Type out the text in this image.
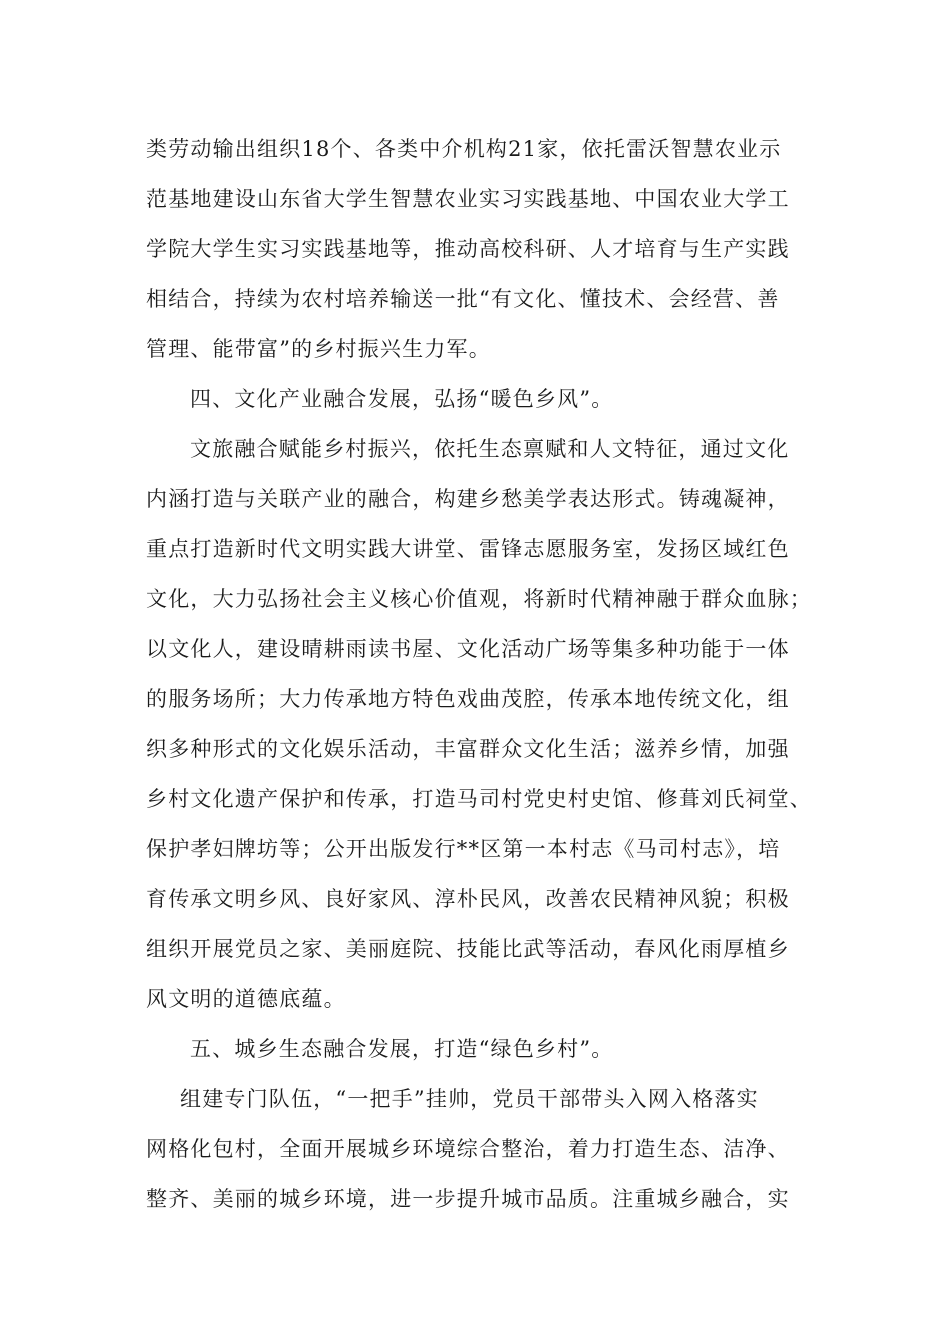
类劳动输出组织18个、各类中介机构21家，依托雷沃智慧农业示
范基地建设山东省大学生智慧农业实习实践基地、中国农业大学工
学院大学生实习实践基地等，推动高校科研、人才培育与生产实践
相结合，持续为农村培养输送一批“有文化、懂技术、会经营、善
管理、能带富”的乡村振兴生力军。
四、文化产业融合发展，弘扬“暖色乡风”。
文旅融合赋能乡村振兴，依托生态禀赋和人文特征，通过文化
内涵打造与关联产业的融合，构建乡愁美学表达形式。铸魂凝神，
重点打造新时代文明实践大讲堂、雷锋志愿服务室，发扬区域红色
文化，大力弘扬社会主义核心价值观，将新时代精神融于群众血脉；
以文化人，建设晴耕雨读书屋、文化活动广场等集多种功能于一体
的服务场所；大力传承地方特色戏曲茂腔，传承本地传统文化，组
织多种形式的文化娱乐活动，丰富群众文化生活；滋养乡情，加强
乡村文化遗产保护和传承，打造马司村党史村史馆、修葺刘氏祠堂、
保护孝妇牌坊等；公开出版发行**区第一本村志《马司村志》，培
育传承文明乡风、良好家风、淳朴民风，改善农民精神风貌；积极
组织开展党员之家、美丽庭院、技能比武等活动，春风化雨厚植乡
风文明的道德底蕴。
五、城乡生态融合发展，打造“绿色乡村”。
组建专门队伍，“一把手”挂帅，党员干部带头入网入格落实
网格化包村，全面开展城乡环境综合整治，着力打造生态、洁净、
整齐、美丽的城乡环境，进一步提升城市品质。注重城乡融合，实
